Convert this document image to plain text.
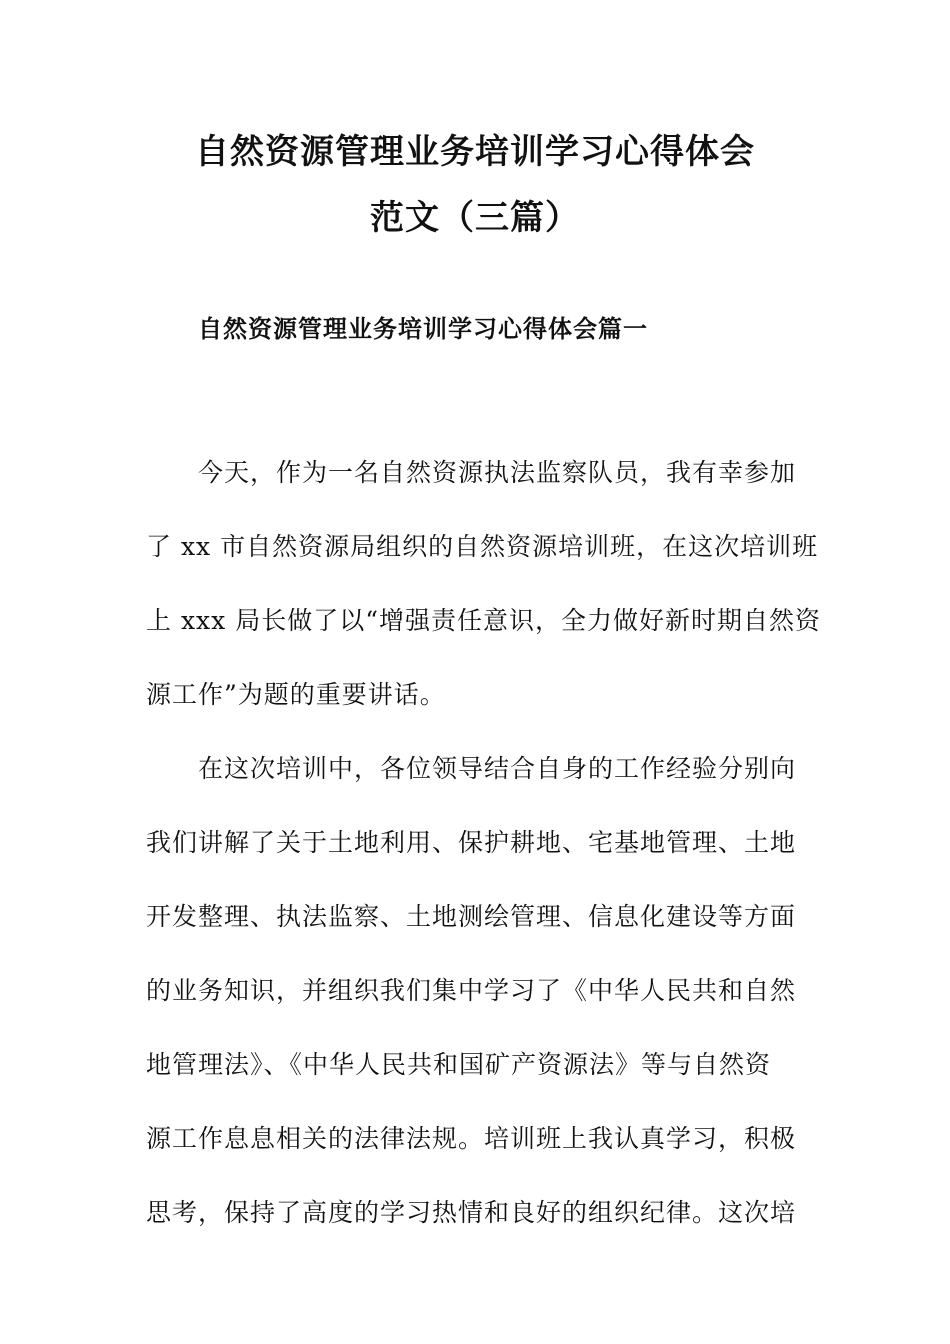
自然资源管理业务培训学习心得体会
范文（三篇）
自然资源管理业务培训学习心得体会篇一
今天，作为一名自然资源执法监察队员，我有幸参加
了 xx 市自然资源局组织的自然资源培训班，在这次培训班
上 xxx 局长做了以“增强责任意识，全力做好新时期自然资
源工作”为题的重要讲话。
在这次培训中，各位领导结合自身的工作经验分别向
我们讲解了关于土地利用、保护耕地、宅基地管理、土地
开发整理、执法监察、土地测绘管理、信息化建设等方面
的业务知识，并组织我们集中学习了《中华人民共和自然
地管理法》、《中华人民共和国矿产资源法》等与自然资
源工作息息相关的法律法规。培训班上我认真学习，积极
思考，保持了高度的学习热情和良好的组织纪律。这次培
